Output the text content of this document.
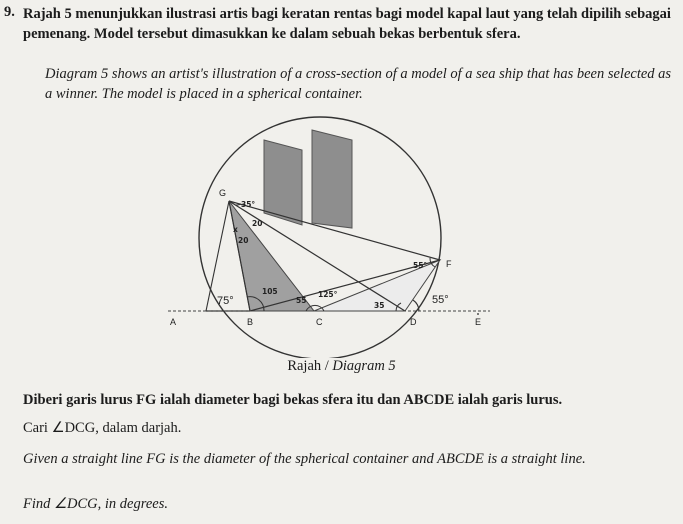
9. Rajah 5 menunjukkan ilustrasi artis bagi keratan rentas bagi model kapal laut yang telah dipilih sebagai pemenang. Model tersebut dimasukkan ke dalam sebuah bekas berbentuk sfera.
Diagram 5 shows an artist's illustration of a cross-section of a model of a sea ship that has been selected as a winner. The model is placed in a spherical container.
G
F
A	B	C	D	E
75°	55°
35°
20
x
20
55°
105
55
125°
35
Rajah / Diagram 5
Diberi garis lurus FG ialah diameter bagi bekas sfera itu dan ABCDE ialah garis lurus.
Cari ∠DCG, dalam darjah.
Given a straight line FG is the diameter of the spherical container and ABCDE is a straight line.
Find ∠DCG, in degrees.
